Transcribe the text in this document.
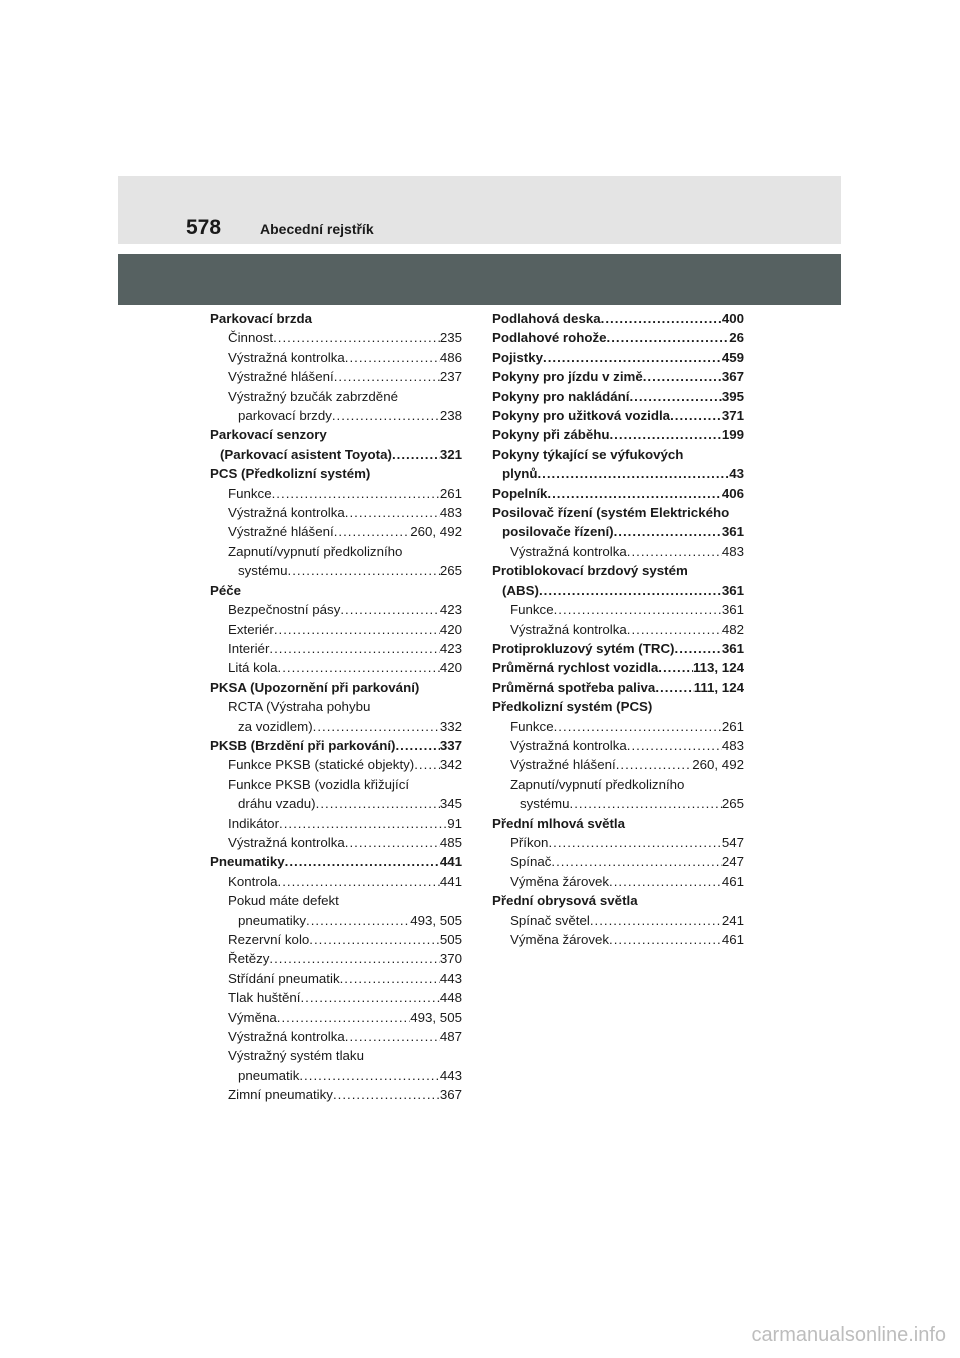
578	Abecední rejstřík
Parkovací brzda
Činnost .....	235
Výstražná kontrolka .....	486
Výstražné hlášení .....	237
Výstražný bzučák zabrzděné
parkovací brzdy .....	238
Parkovací senzory
(Parkovací asistent Toyota) .....	321
PCS (Předkolizní systém)
Funkce .....	261
Výstražná kontrolka .....	483
Výstražné hlášení .....	260, 492
Zapnutí/vypnutí předkolizního
systému .....	265
Péče
Bezpečnostní pásy .....	423
Exteriér .....	420
Interiér .....	423
Litá kola .....	420
PKSA (Upozornění při parkování)
RCTA (Výstraha pohybu
za vozidlem) .....	332
PKSB (Brzdění při parkování) .....	337
Funkce PKSB (statické objekty) ..... 342
Funkce PKSB (vozidla křižující
dráhu vzadu) .....	345
Indikátor .....	91
Výstražná kontrolka .....	485
Pneumatiky .....	441
Kontrola .....	441
Pokud máte defekt
pneumatiky .....	493, 505
Rezervní kolo .....	505
Řetězy .....	370
Střídání pneumatik .....	443
Tlak huštění .....	448
Výměna .....	493, 505
Výstražná kontrolka .....	487
Výstražný systém tlaku
pneumatik .....	443
Zimní pneumatiky .....	367
Podlahová deska .....	400
Podlahové rohože .....	26
Pojistky .....	459
Pokyny pro jízdu v zimě .....	367
Pokyny pro nakládání .....	395
Pokyny pro užitková vozidla .....	371
Pokyny při záběhu .....	199
Pokyny týkající se výfukových
plynů .....	43
Popelník .....	406
Posilovač řízení (systém Elektrického
posilovače řízení) .....	361
Výstražná kontrolka .....	483
Protiblokovací brzdový systém
(ABS) .....	361
Funkce .....	361
Výstražná kontrolka .....	482
Protiprokluzový sytém (TRC) .....	361
Průměrná rychlost vozidla .....	113, 124
Průměrná spotřeba paliva .....	111, 124
Předkolizní systém (PCS)
Funkce .....	261
Výstražná kontrolka .....	483
Výstražné hlášení .....	260, 492
Zapnutí/vypnutí předkolizního
systému .....	265
Přední mlhová světla
Příkon .....	547
Spínač .....	247
Výměna žárovek .....	461
Přední obrysová světla
Spínač světel .....	241
Výměna žárovek .....	461
carmanualsonline.info
